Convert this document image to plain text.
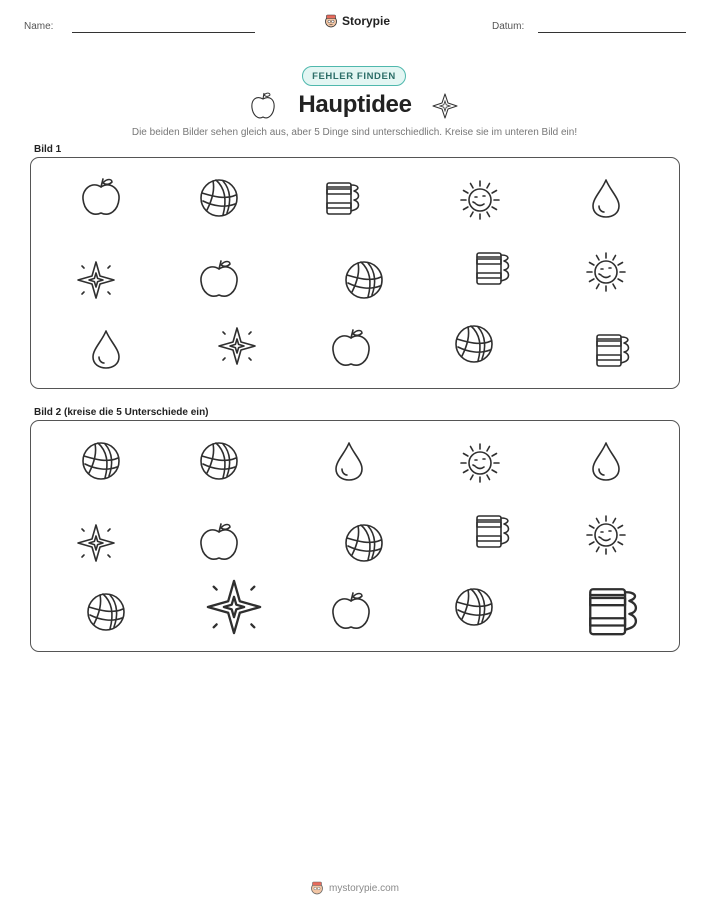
Name:	Storypie	Datum:
FEHLER FINDEN
Hauptidee
Die beiden Bilder sehen gleich aus, aber 5 Dinge sind unterschiedlich. Kreise sie im unteren Bild ein!
Bild 1
Bild 2 (kreise die 5 Unterschiede ein)
mystorypie.com
